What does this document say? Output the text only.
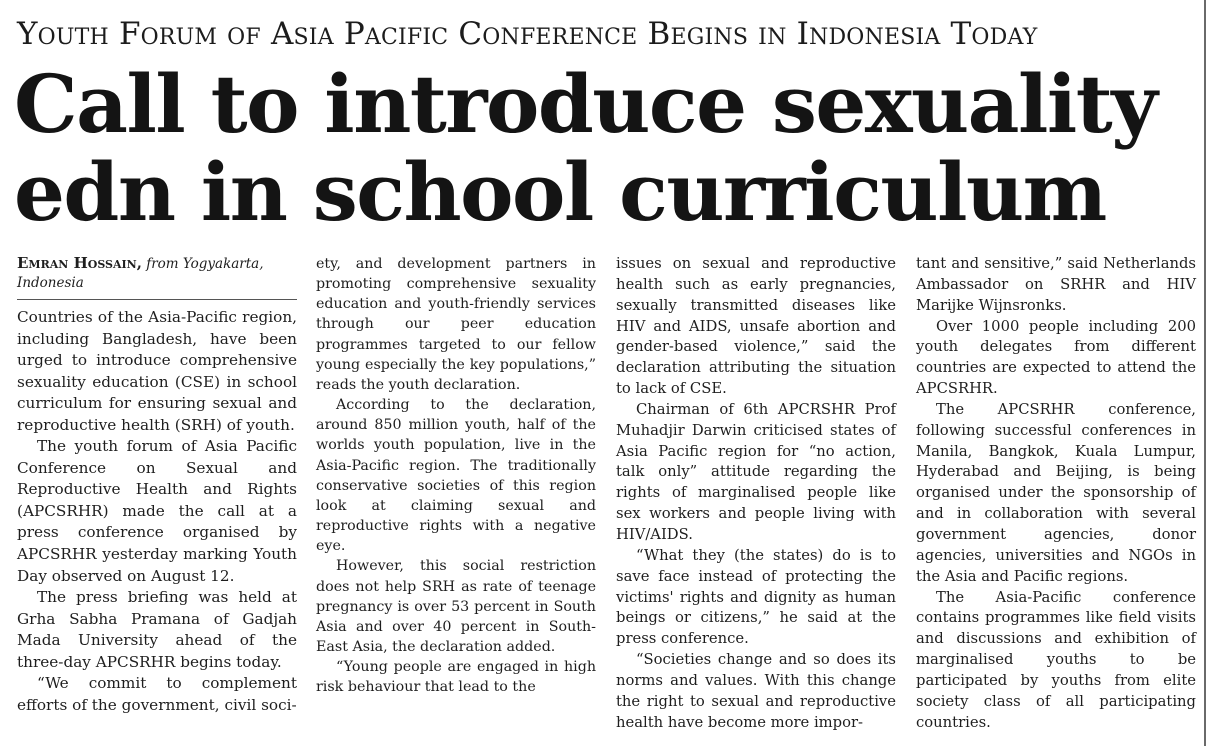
Youth Forum of Asia Pacific Conference Begins in Indonesia Today
Call to introduce sexuality edn in school curriculum
Emran Hossain, from Yogyakarta, Indonesia

Countries of the Asia-Pacific region, including Bangladesh, have been urged to introduce comprehensive sexuality education (CSE) in school curriculum for ensuring sexual and reproductive health (SRH) of youth.

The youth forum of Asia Pacific Conference on Sexual and Reproductive Health and Rights (APCSRHR) made the call at a press conference organised by APCSRHR yesterday marking Youth Day observed on August 12.

The press briefing was held at Grha Sabha Pramana of Gadjah Mada University ahead of the three-day APCSRHR begins today.

“We commit to complement efforts of the government, civil soci-

ety, and development partners in promoting comprehensive sexuality education and youth-friendly services through our peer education programmes targeted to our fellow young especially the key populations,” reads the youth declaration.

According to the declaration, around 850 million youth, half of the worlds youth population, live in the Asia-Pacific region. The traditionally conservative societies of this region look at claiming sexual and reproductive rights with a negative eye.

However, this social restriction does not help SRH as rate of teenage pregnancy is over 53 percent in South Asia and over 40 percent in South-East Asia, the declaration added.

“Young people are engaged in high risk behaviour that lead to the

issues on sexual and reproductive health such as early pregnancies, sexually transmitted diseases like HIV and AIDS, unsafe abortion and gender-based violence,” said the declaration attributing the situation to lack of CSE.

Chairman of 6th APCRSHR Prof Muhadjir Darwin criticised states of Asia Pacific region for “no action, talk only” attitude regarding the rights of marginalised people like sex workers and people living with HIV/AIDS.

“What they (the states) do is to save face instead of protecting the victims' rights and dignity as human beings or citizens,” he said at the press conference.

“Societies change and so does its norms and values. With this change the right to sexual and reproductive health have become more impor-

tant and sensitive,” said Netherlands Ambassador on SRHR and HIV Marijke Wijnsronks.

Over 1000 people including 200 youth delegates from different countries are expected to attend the APCSRHR.

The APCSRHR conference, following successful conferences in Manila, Bangkok, Kuala Lumpur, Hyderabad and Beijing, is being organised under the sponsorship of and in collaboration with several government agencies, donor agencies, universities and NGOs in the Asia and Pacific regions.

The Asia-Pacific conference contains programmes like field visits and discussions and exhibition of marginalised youths to be participated by youths from elite society class of all participating countries.
